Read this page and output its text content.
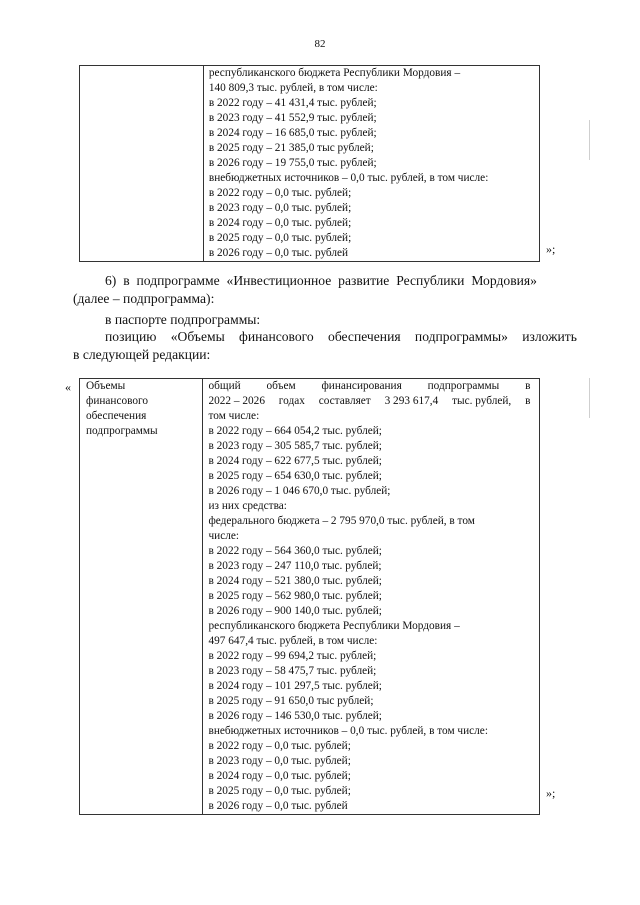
82

республиканского бюджета Республики Мордовия –
140 809,3 тыс. рублей, в том числе:
в 2022 году – 41 431,4 тыс. рублей;
в 2023 году – 41 552,9 тыс. рублей;
в 2024 году – 16 685,0 тыс. рублей;
в 2025 году – 21 385,0 тыс рублей;
в 2026 году – 19 755,0 тыс. рублей;
внебюджетных источников – 0,0 тыс. рублей, в том числе:
в 2022 году – 0,0 тыс. рублей;
в 2023 году – 0,0 тыс. рублей;
в 2024 году – 0,0 тыс. рублей;
в 2025 году – 0,0 тыс. рублей;
в 2026 году – 0,0 тыс. рублей	»;
6) в подпрограмме «Инвестиционное развитие Республики Мордовия»
(далее – подпрограмма):
в паспорте подпрограммы:
позицию «Объемы финансового обеспечения подпрограммы» изложить
в следующей редакции:
« Объемы
финансового
обеспечения
подпрограммы

общий объем финансирования подпрограммы в
2022 – 2026 годах составляет 3 293 617,4 тыс. рублей, в
том числе:
в 2022 году – 664 054,2 тыс. рублей;
в 2023 году – 305 585,7 тыс. рублей;
в 2024 году – 622 677,5 тыс. рублей;
в 2025 году – 654 630,0 тыс. рублей;
в 2026 году – 1 046 670,0 тыс. рублей;
из них средства:
федерального бюджета – 2 795 970,0 тыс. рублей, в том
числе:
в 2022 году – 564 360,0 тыс. рублей;
в 2023 году – 247 110,0 тыс. рублей;
в 2024 году – 521 380,0 тыс. рублей;
в 2025 году – 562 980,0 тыс. рублей;
в 2026 году – 900 140,0 тыс. рублей;
республиканского бюджета Республики Мордовия –
497 647,4 тыс. рублей, в том числе:
в 2022 году – 99 694,2 тыс. рублей;
в 2023 году – 58 475,7 тыс. рублей;
в 2024 году – 101 297,5 тыс. рублей;
в 2025 году – 91 650,0 тыс рублей;
в 2026 году – 146 530,0 тыс. рублей;
внебюджетных источников – 0,0 тыс. рублей, в том числе:
в 2022 году – 0,0 тыс. рублей;
в 2023 году – 0,0 тыс. рублей;
в 2024 году – 0,0 тыс. рублей;
в 2025 году – 0,0 тыс. рублей;
в 2026 году – 0,0 тыс. рублей
»;
